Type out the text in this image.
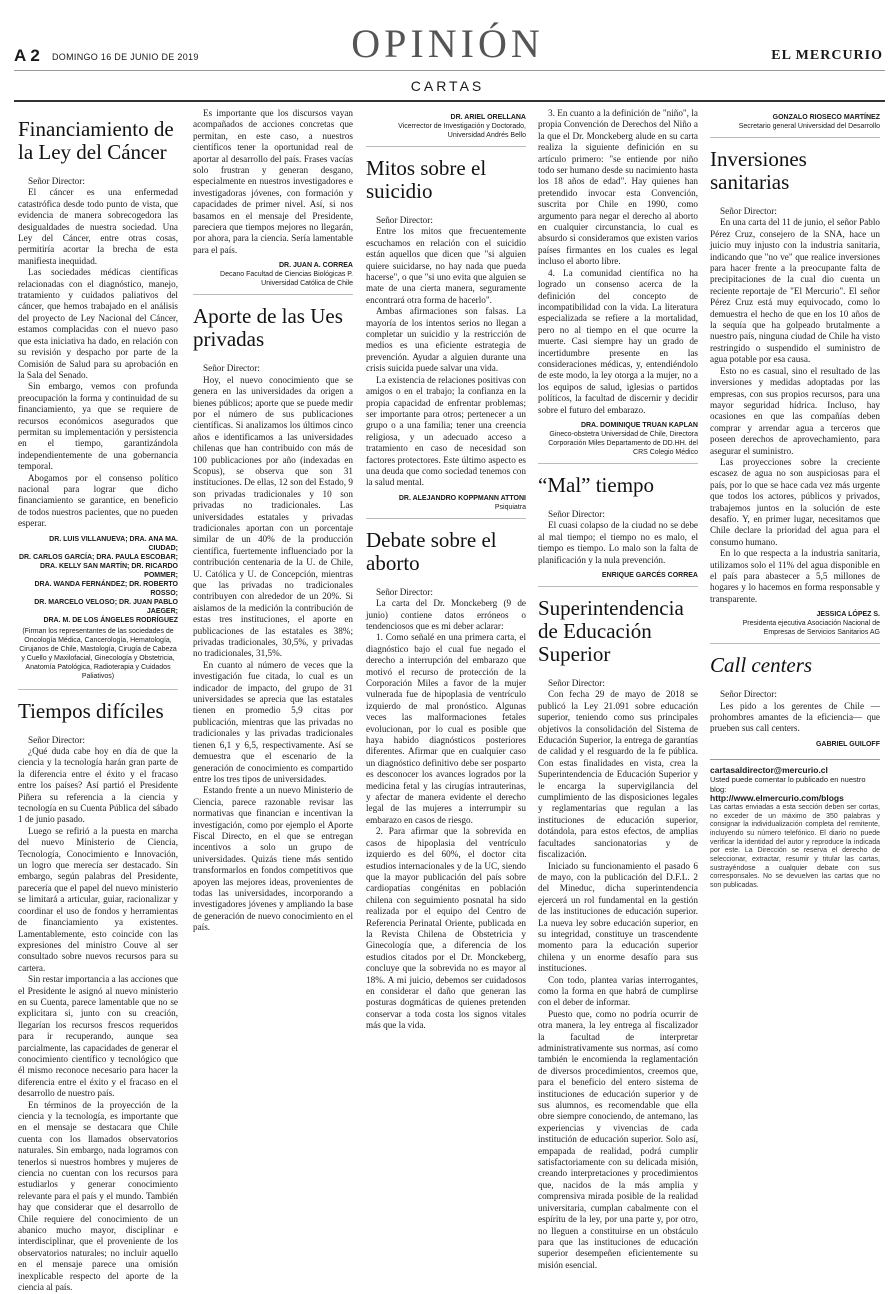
A 2 DOMINGO 16 DE JUNIO DE 2019	OPINIÓN	EL MERCURIO
CARTAS
Financiamiento de la Ley del Cáncer

Señor Director:

El cáncer es una enfermedad catastrófica desde todo punto de vista, que evidencia de manera sobrecogedora las desigualdades de nuestra sociedad. Una Ley del Cáncer, entre otras cosas, permitiría acortar la brecha de esta manifiesta inequidad.

Las sociedades médicas científicas relacionadas con el diagnóstico, manejo, tratamiento y cuidados paliativos del cáncer, que hemos trabajado en el análisis del proyecto de Ley Nacional del Cáncer, estamos complacidas con el nuevo paso que esta iniciativa ha dado, en relación con su revisión y despacho por parte de la Comisión de Salud para su aprobación en la Sala del Senado.

Sin embargo, vemos con profunda preocupación la forma y continuidad de su financiamiento, ya que se requiere de recursos económicos asegurados que permitan su implementación y persistencia en el tiempo, garantizándola independientemente de una gobernancia temporal.

Abogamos por el consenso político nacional para lograr que dicho financiamiento se garantice, en beneficio de todos nuestros pacientes, que no pueden esperar.

DR. LUIS VILLANUEVA; DRA. ANA MA. CIUDAD;
DR. CARLOS GARCÍA; DRA. PAULA ESCOBAR;
DRA. KELLY SAN MARTÍN; DR. RICARDO POMMER;
DRA. WANDA FERNÁNDEZ; DR. ROBERTO ROSSO;
DR. MARCELO VELOSO; DR. JUAN PABLO JAEGER;
DRA. M. DE LOS ÁNGELES RODRÍGUEZ
(Firman los representantes de las sociedades de Oncología Médica, Cancerología, Hematología, Cirujanos de Chile, Mastología, Cirugía de Cabeza y Cuello y Maxilofacial, Ginecología y Obstetricia, Anatomía Patológica, Radioterapia y Cuidados Paliativos)
Tiempos difíciles

Señor Director:

¿Qué duda cabe hoy en día de que la ciencia y la tecnología harán gran parte de la diferencia entre el éxito y el fracaso entre los países? Así partió el Presidente Piñera su referencia a la ciencia y tecnología en su Cuenta Pública del sábado 1 de junio pasado.

Luego se refirió a la puesta en marcha del nuevo Ministerio de Ciencia, Tecnología, Conocimiento e Innovación, un logro que merecía ser destacado. Sin embargo, según palabras del Presidente, parecería que el papel del nuevo ministerio se limitará a articular, guiar, racionalizar y coordinar el uso de fondos y herramientas de financiamiento ya existentes. Lamentablemente, esto coincide con las expresiones del ministro Couve al ser consultado sobre nuevos recursos para su cartera.

Sin restar importancia a las acciones que el Presidente le asignó al nuevo ministerio en su Cuenta, parece lamentable que no se explicitara si, junto con su creación, llegarían los recursos frescos requeridos para ir recuperando, aunque sea parcialmente, las capacidades de generar el conocimiento científico y tecnológico que él mismo reconoce necesario para hacer la diferencia entre el éxito y el fracaso en el desarrollo de nuestro país.

En términos de la proyección de la ciencia y la tecnología, es importante que en el mensaje se destacara que Chile cuenta con los llamados observatorios naturales. Sin embargo, nada logramos con tenerlos si nuestros hombres y mujeres de ciencia no cuentan con los recursos para estudiarlos y generar conocimiento relevante para el país y el mundo. También hay que considerar que el desarrollo de Chile requiere del conocimiento de un abanico mucho mayor, disciplinar e interdisciplinar, que el proveniente de los observatorios naturales; no incluir aquello en el mensaje parece una omisión inexplicable respecto del aporte de la ciencia al país.

Es importante que los discursos vayan acompañados de acciones concretas que permitan, en este caso, a nuestros científicos tener la oportunidad real de aportar al desarrollo del país. Frases vacías solo frustran y generan desgano, especialmente en nuestros investigadores e investigadoras jóvenes, con formación y capacidades de primer nivel. Así, si nos basamos en el mensaje del Presidente, pareciera que tiempos mejores no llegarán, por ahora, para la ciencia. Sería lamentable para el país.

DR. JUAN A. CORREA
Decano Facultad de Ciencias Biológicas P. Universidad Católica de Chile
Aporte de las Ues privadas

Señor Director:

Hoy, el nuevo conocimiento que se genera en las universidades da origen a bienes públicos; aporte que se puede medir por el número de sus publicaciones científicas. Si analizamos los últimos cinco años e identificamos a las universidades chilenas que han contribuido con más de 100 publicaciones por año (indexadas en Scopus), se observa que son 31 instituciones. De ellas, 12 son del Estado, 9 son privadas tradicionales y 10 son privadas no tradicionales. Las universidades estatales y privadas tradicionales aportan con un porcentaje similar de un 40% de la producción científica, fuertemente influenciado por la contribución centenaria de la U. de Chile, U. Católica y U. de Concepción, mientras que las privadas no tradicionales contribuyen con alrededor de un 20%. Si aislamos de la medición la contribución de estas tres instituciones, el aporte en publicaciones de las estatales es 38%; privadas tradicionales, 30,5%, y privadas no tradicionales, 31,5%.

En cuanto al número de veces que la investigación fue citada, lo cual es un indicador de impacto, del grupo de 31 universidades se aprecia que las estatales tienen en promedio 5,9 citas por publicación, mientras que las privadas no tradicionales y las privadas tradicionales tienen 6,1 y 6,5, respectivamente. Así se demuestra que el escenario de la generación de conocimiento es compartido entre los tres tipos de universidades.

Estando frente a un nuevo Ministerio de Ciencia, parece razonable revisar las normativas que financian e incentivan la investigación, como por ejemplo el Aporte Fiscal Directo, en el que se entregan incentivos a solo un grupo de universidades. Quizás tiene más sentido transformarlos en fondos competitivos que apoyen las mejores ideas, provenientes de todas las universidades, incorporando a investigadores jóvenes y ampliando la base de generación de nuevo conocimiento en el país.

DR. ARIEL ORELLANA
Vicerrector de Investigación y Doctorado, Universidad Andrés Bello
Mitos sobre el suicidio

Señor Director:

Entre los mitos que frecuentemente escuchamos en relación con el suicidio están aquellos que dicen que "si alguien quiere suicidarse, no hay nada que pueda hacerse", o que "si uno evita que alguien se mate de una cierta manera, seguramente encontrará otra forma de hacerlo".

Ambas afirmaciones son falsas. La mayoría de los intentos serios no llegan a completar un suicidio y la restricción de medios es una eficiente estrategia de prevención. Ayudar a alguien durante una crisis suicida puede salvar una vida.

La existencia de relaciones positivas con amigos o en el trabajo; la confianza en la propia capacidad de enfrentar problemas; ser importante para otros; pertenecer a un grupo o a una familia; tener una creencia religiosa, y un adecuado acceso a tratamiento en caso de necesidad son factores protectores. Este último aspecto es una deuda que como sociedad tenemos con la salud mental.

DR. ALEJANDRO KOPPMANN ATTONI
Psiquiatra
Debate sobre el aborto

Señor Director:

La carta del Dr. Monckeberg (9 de junio) contiene datos erróneos o tendenciosos que es mi deber aclarar:

1. Como señalé en una primera carta, el diagnóstico bajo el cual fue negado el derecho a interrupción del embarazo que motivó el recurso de protección de la Corporación Miles a favor de la mujer vulnerada fue de hipoplasia de ventrículo izquierdo de mal pronóstico. Algunas veces las malformaciones fetales evolucionan, por lo cual es posible que haya habido diagnósticos posteriores diferentes. Afirmar que en cualquier caso un diagnóstico definitivo debe ser posparto es desconocer los avances logrados por la medicina fetal y las cirugías intrauterinas, y afectar de manera evidente el derecho legal de las mujeres a interrumpir su embarazo en casos de riesgo.

2. Para afirmar que la sobrevida en casos de hipoplasia del ventrículo izquierdo es del 60%, el doctor cita estudios internacionales y de la UC, siendo que la mayor publicación del país sobre cardiopatías congénitas en población chilena con seguimiento posnatal ha sido realizada por el equipo del Centro de Referencia Perinatal Oriente, publicada en la Revista Chilena de Obstetricia y Ginecología que, a diferencia de los estudios citados por el Dr. Monckeberg, concluye que la sobrevida no es mayor al 18%. A mi juicio, debemos ser cuidadosos en considerar el daño que generan las posturas dogmáticas de quienes pretenden conservar a toda costa los signos vitales más que la vida.

3. En cuanto a la definición de "niño", la propia Convención de Derechos del Niño a la que el Dr. Monckeberg alude en su carta realiza la siguiente definición en su artículo primero: "se entiende por niño todo ser humano desde su nacimiento hasta los 18 años de edad". Hay quienes han pretendido invocar esta Convención, suscrita por Chile en 1990, como argumento para negar el derecho al aborto en cualquier circunstancia, lo cual es absurdo si consideramos que existen varios países firmantes en los cuales es legal incluso el aborto libre.

4. La comunidad científica no ha logrado un consenso acerca de la definición del concepto de incompatibilidad con la vida. La literatura especializada se refiere a la mortalidad, pero no al tiempo en el que ocurre la muerte. Casi siempre hay un grado de incertidumbre presente en las consideraciones médicas, y, entendiéndolo de este modo, la ley otorga a la mujer, no a los equipos de salud, iglesias o partidos políticos, la facultad de discernir y decidir sobre el futuro del embarazo.

DRA. DOMINIQUE TRUAN KAPLAN
Gineco-obstetra Universidad de Chile, Directora Corporación Miles Departamento de DD.HH. del CRS Colegio Médico
“Mal” tiempo

Señor Director:

El cuasi colapso de la ciudad no se debe al mal tiempo; el tiempo no es malo, el tiempo es tiempo. Lo malo son la falta de planificación y la nula prevención.

ENRIQUE GARCÉS CORREA
Superintendencia de Educación Superior

Señor Director:

Con fecha 29 de mayo de 2018 se publicó la Ley 21.091 sobre educación superior, teniendo como sus principales objetivos la consolidación del Sistema de Educación Superior, la entrega de garantías de calidad y el resguardo de la fe pública. Con estas finalidades en vista, crea la Superintendencia de Educación Superior y le encarga la supervigilancia del cumplimiento de las disposiciones legales y reglamentarias que regulan a las instituciones de educación superior, dotándola, para estos efectos, de amplias facultades sancionatorias y de fiscalización.

Iniciado su funcionamiento el pasado 6 de mayo, con la publicación del D.F.L. 2 del Mineduc, dicha superintendencia ejercerá un rol fundamental en la gestión de las instituciones de educación superior. La nueva ley sobre educación superior, en su integridad, constituye un trascendente momento para la educación superior chilena y un enorme desafío para sus instituciones.

Con todo, plantea varias interrogantes, como la forma en que habrá de cumplirse con el deber de informar.

Puesto que, como no podría ocurrir de otra manera, la ley entrega al fiscalizador la facultad de interpretar administrativamente sus normas, así como también le encomienda la reglamentación de diversos procedimientos, creemos que, para el beneficio del entero sistema de instituciones de educación superior y de sus alumnos, es recomendable que ella obre siempre conociendo, de antemano, las experiencias y vivencias de cada institución de educación superior. Solo así, empapada de realidad, podrá cumplir satisfactoriamente con su delicada misión, creando interpretaciones y procedimientos que, nacidos de la más amplia y comprensiva mirada posible de la realidad universitaria, cumplan cabalmente con el espíritu de la ley, por una parte y, por otro, no lleguen a constituirse en un obstáculo para que las instituciones de educación superior desempeñen eficientemente su misión esencial.

GONZALO RIOSECO MARTÍNEZ
Secretario general Universidad del Desarrollo
Inversiones sanitarias

Señor Director:

En una carta del 11 de junio, el señor Pablo Pérez Cruz, consejero de la SNA, hace un juicio muy injusto con la industria sanitaria, indicando que "no ve" que realice inversiones para hacer frente a la preocupante falta de precipitaciones de la cual dio cuenta un reciente reportaje de "El Mercurio". El señor Pérez Cruz está muy equivocado, como lo demuestra el hecho de que en los 10 años de la sequía que ha golpeado brutalmente a nuestro país, ninguna ciudad de Chile ha visto restringido o suspendido el suministro de agua potable por esa causa.

Esto no es casual, sino el resultado de las inversiones y medidas adoptadas por las empresas, con sus propios recursos, para una mayor seguridad hídrica. Incluso, hay ocasiones en que las compañías deben comprar y arrendar agua a terceros que poseen derechos de aprovechamiento, para asegurar el suministro.

Las proyecciones sobre la creciente escasez de agua no son auspiciosas para el país, por lo que se hace cada vez más urgente que todos los actores, públicos y privados, trabajemos juntos en la solución de este desafío. Y, en primer lugar, necesitamos que Chile declare la prioridad del agua para el consumo humano.

En lo que respecta a la industria sanitaria, utilizamos solo el 11% del agua disponible en el país para abastecer a 5,5 millones de hogares y lo hacemos en forma responsable y transparente.

JESSICA LÓPEZ S.
Presidenta ejecutiva Asociación Nacional de Empresas de Servicios Sanitarios AG
Call centers

Señor Director:

Les pido a los gerentes de Chile —prohombres amantes de la eficiencia— que prueben sus call centers.

GABRIEL GUILOFF
cartasaldirector@mercurio.cl
Usted puede comentar lo publicado en nuestro blog:
http://www.elmercurio.com/blogs
Las cartas enviadas a esta sección deben ser cortas, no exceder de un máximo de 350 palabras y consignar la individualización completa del remitente, incluyendo su número telefónico. El diario no puede verificar la identidad del autor y reproduce la indicada por este. La Dirección se reserva el derecho de seleccionar, extractar, resumir y titular las cartas, sustrayéndose a cualquier debate con sus corresponsales. No se devuelven las cartas que no son publicadas.
